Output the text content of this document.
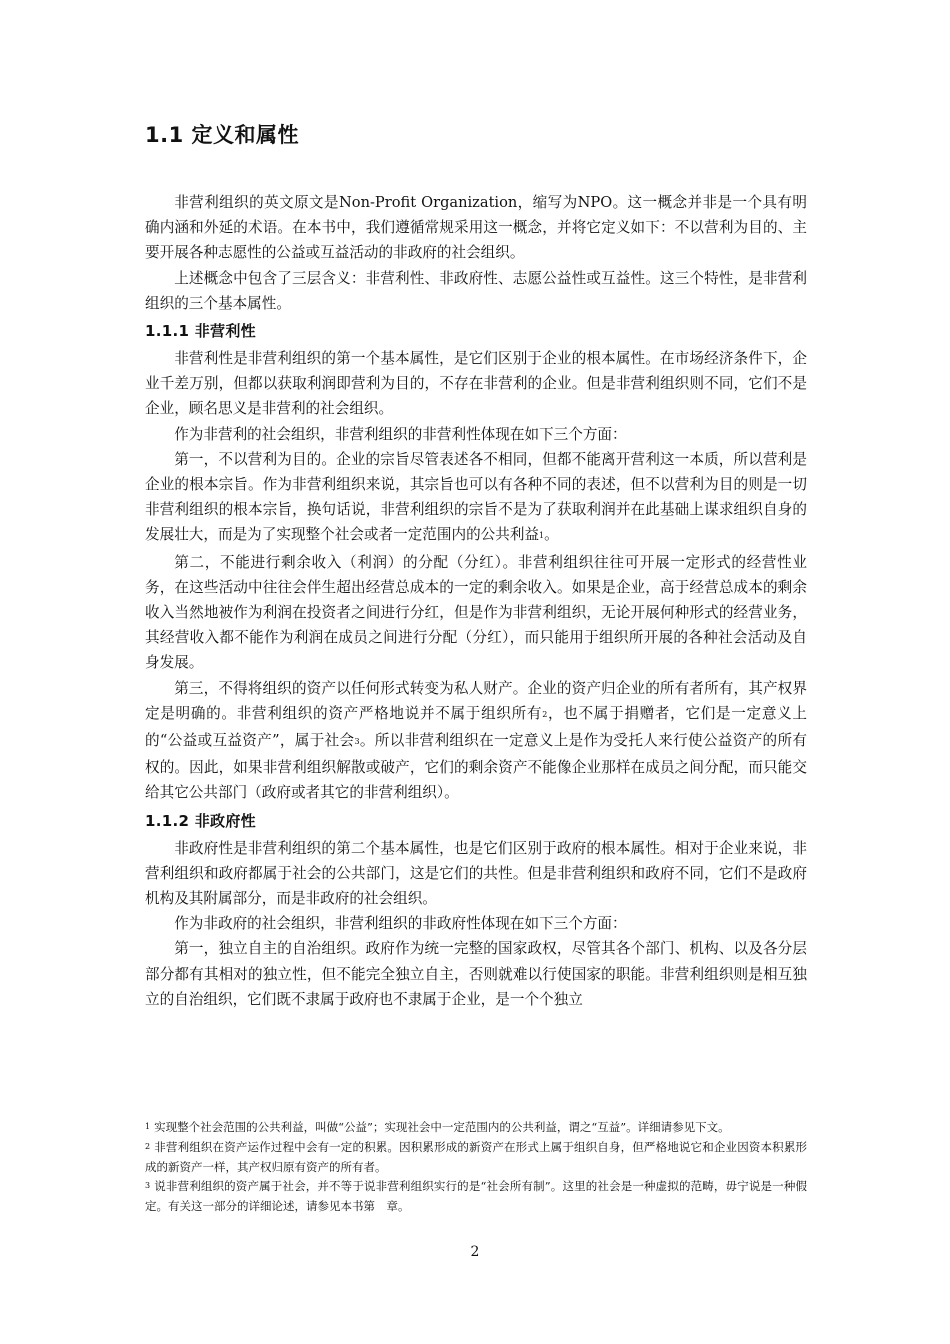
1.1 定义和属性

非营利组织的英文原文是Non-Profit Organization，缩写为NPO。这一概念并非是一个具有明确内涵和外延的术语。在本书中，我们遵循常规采用这一概念，并将它定义如下：不以营利为目的、主要开展各种志愿性的公益或互益活动的非政府的社会组织。

上述概念中包含了三层含义：非营利性、非政府性、志愿公益性或互益性。这三个特性，是非营利组织的三个基本属性。

1.1.1 非营利性

非营利性是非营利组织的第一个基本属性，是它们区别于企业的根本属性。在市场经济条件下，企业千差万别，但都以获取利润即营利为目的，不存在非营利的企业。但是非营利组织则不同，它们不是企业，顾名思义是非营利的社会组织。

作为非营利的社会组织，非营利组织的非营利性体现在如下三个方面：

第一，不以营利为目的。企业的宗旨尽管表述各不相同，但都不能离开营利这一本质，所以营利是企业的根本宗旨。作为非营利组织来说，其宗旨也可以有各种不同的表述，但不以营利为目的则是一切非营利组织的根本宗旨，换句话说，非营利组织的宗旨不是为了获取利润并在此基础上谋求组织自身的发展壮大，而是为了实现整个社会或者一定范围内的公共利益$^1$。

第二，不能进行剩余收入（利润）的分配（分红）。非营利组织往往可开展一定形式的经营性业务，在这些活动中往往会伴生超出经营总成本的一定的剩余收入。如果是企业，高于经营总成本的剩余收入当然地被作为利润在投资者之间进行分红，但是作为非营利组织，无论开展何种形式的经营业务，其经营收入都不能作为利润在成员之间进行分配（分红），而只能用于组织所开展的各种社会活动及自身发展。

第三，不得将组织的资产以任何形式转变为私人财产。企业的资产归企业的所有者所有，其产权界定是明确的。非营利组织的资产严格地说并不属于组织所有$^2$，也不属于捐赠者，它们是一定意义上的“公益或互益资产”，属于社会$^3$。所以非营利组织在一定意义上是作为受托人来行使公益资产的所有权的。因此，如果非营利组织解散或破产，它们的剩余资产不能像企业那样在成员之间分配，而只能交给其它公共部门（政府或者其它的非营利组织）。

1.1.2 非政府性

非政府性是非营利组织的第二个基本属性，也是它们区别于政府的根本属性。相对于企业来说，非营利组织和政府都属于社会的公共部门，这是它们的共性。但是非营利组织和政府不同，它们不是政府机构及其附属部分，而是非政府的社会组织。

作为非政府的社会组织，非营利组织的非政府性体现在如下三个方面：

第一，独立自主的自治组织。政府作为统一完整的国家政权，尽管其各个部门、机构、以及各分层部分都有其相对的独立性，但不能完全独立自主，否则就难以行使国家的职能。非营利组织则是相互独立的自治组织，它们既不隶属于政府也不隶属于企业，是一个个独立

1 实现整个社会范围的公共利益，叫做“公益”；实现社会中一定范围内的公共利益，谓之“互益”。详细请参见下文。

2 非营利组织在资产运作过程中会有一定的积累。因积累形成的新资产在形式上属于组织自身，但严格地说它和企业因资本积累形成的新资产一样，其产权归原有资产的所有者。

3 说非营利组织的资产属于社会，并不等于说非营利组织实行的是“社会所有制”。这里的社会是一种虚拟的范畴，毋宁说是一种假定。有关这一部分的详细论述，请参见本书第　章。

2
